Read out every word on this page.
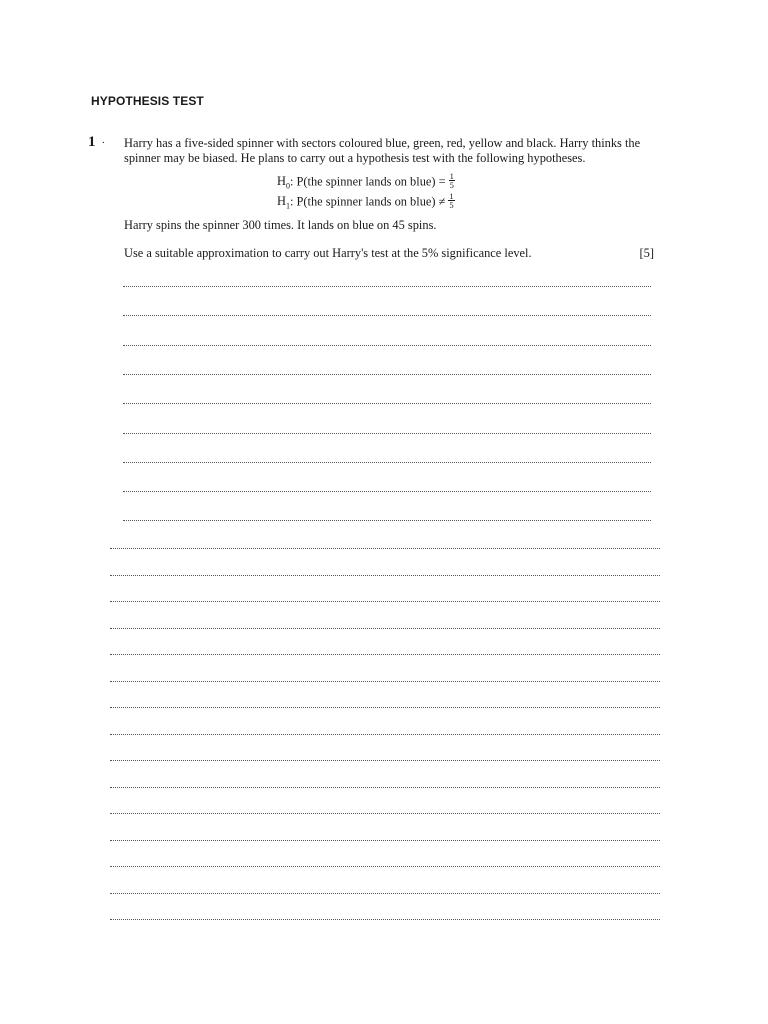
HYPOTHESIS TEST
1 · Harry has a five-sided spinner with sectors coloured blue, green, red, yellow and black. Harry thinks the spinner may be biased. He plans to carry out a hypothesis test with the following hypotheses.
$H_0$: P(the spinner lands on blue) = $\frac{1}{5}$
$H_1$: P(the spinner lands on blue) ≠ $\frac{1}{5}$
Harry spins the spinner 300 times. It lands on blue on 45 spins.
Use a suitable approximation to carry out Harry's test at the 5% significance level.	[5]
